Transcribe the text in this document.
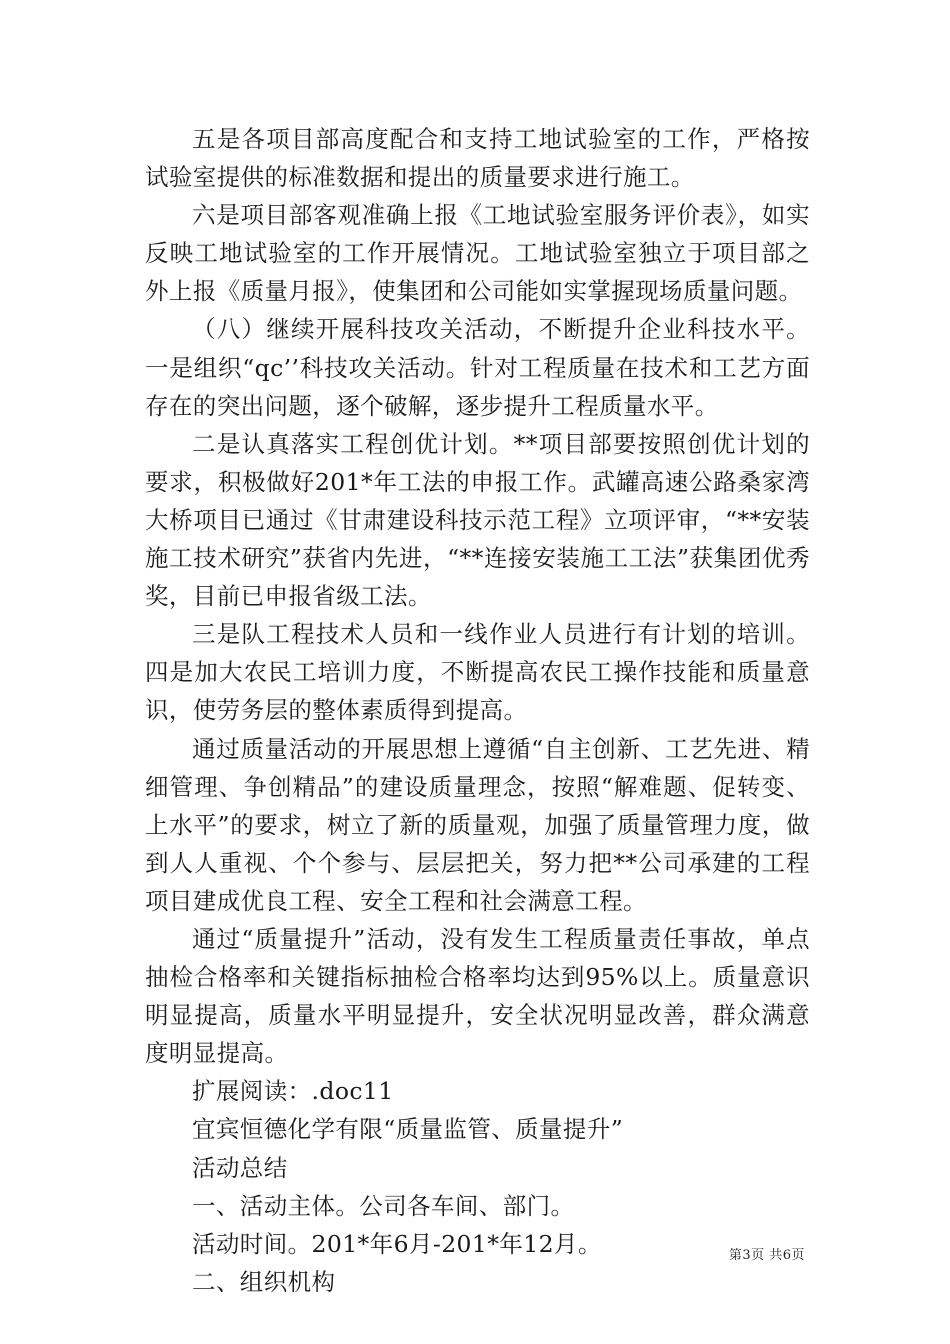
五是各项目部高度配合和支持工地试验室的工作，严格按试验室提供的标准数据和提出的质量要求进行施工。

六是项目部客观准确上报《工地试验室服务评价表》，如实反映工地试验室的工作开展情况。工地试验室独立于项目部之外上报《质量月报》，使集团和公司能如实掌握现场质量问题。

（八）继续开展科技攻关活动，不断提升企业科技水平。一是组织“qc’’科技攻关活动。针对工程质量在技术和工艺方面存在的突出问题，逐个破解，逐步提升工程质量水平。

二是认真落实工程创优计划。**项目部要按照创优计划的要求，积极做好201*年工法的申报工作。武罐高速公路桑家湾大桥项目已通过《甘肃建设科技示范工程》立项评审，“**安装施工技术研究”获省内先进，“**连接安装施工工法”获集团优秀奖，目前已申报省级工法。

三是队工程技术人员和一线作业人员进行有计划的培训。四是加大农民工培训力度，不断提高农民工操作技能和质量意识，使劳务层的整体素质得到提高。

通过质量活动的开展思想上遵循“自主创新、工艺先进、精细管理、争创精品”的建设质量理念，按照“解难题、促转变、上水平”的要求，树立了新的质量观，加强了质量管理力度，做到人人重视、个个参与、层层把关，努力把**公司承建的工程项目建成优良工程、安全工程和社会满意工程。

通过“质量提升”活动，没有发生工程质量责任事故，单点抽检合格率和关键指标抽检合格率均达到95%以上。质量意识明显提高，质量水平明显提升，安全状况明显改善，群众满意度明显提高。

扩展阅读：.doc11

宜宾恒德化学有限“质量监管、质量提升”

活动总结

一、活动主体。公司各车间、部门。

活动时间。201*年6月-201*年12月。

二、组织机构

第3页 共6页
